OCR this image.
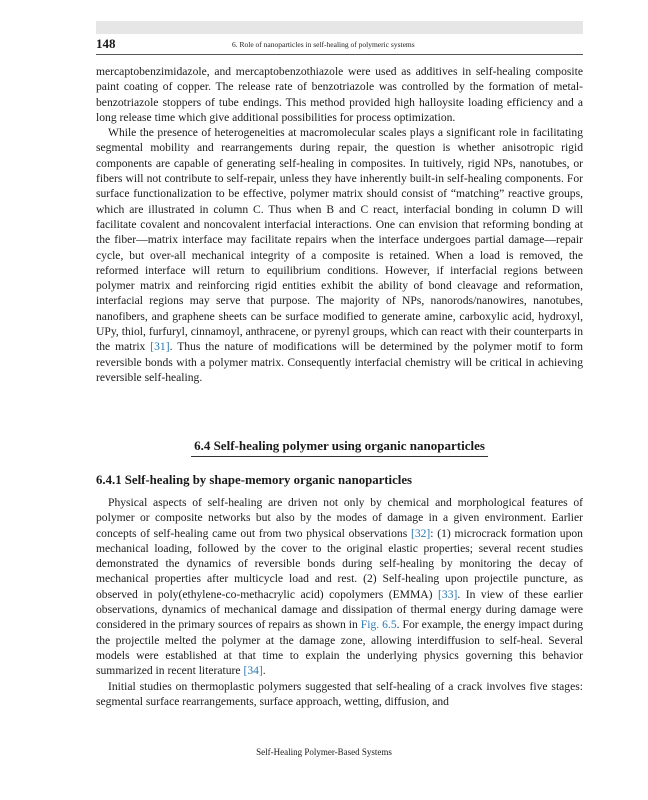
148	6. Role of nanoparticles in self-healing of polymeric systems

mercaptobenzimidazole, and mercaptobenzothiazole were used as additives in self-healing composite paint coating of copper. The release rate of benzotriazole was controlled by the formation of metal-benzotriazole stoppers of tube endings. This method provided high halloysite loading efficiency and a long release time which give additional possibilities for process optimization.

While the presence of heterogeneities at macromolecular scales plays a significant role in facilitating segmental mobility and rearrangements during repair, the question is whether anisotropic rigid components are capable of generating self-healing in composites. In tuitively, rigid NPs, nanotubes, or fibers will not contribute to self-repair, unless they have inherently built-in self-healing components. For surface functionalization to be effective, polymer matrix should consist of “matching” reactive groups, which are illustrated in column C. Thus when B and C react, interfacial bonding in column D will facilitate covalent and noncovalent interfacial interactions. One can envision that reforming bonding at the fiber—matrix interface may facilitate repairs when the interface undergoes partial damage—repair cycle, but over-all mechanical integrity of a composite is retained. When a load is removed, the reformed interface will return to equilibrium conditions. However, if interfacial regions between polymer matrix and reinforcing rigid entities exhibit the ability of bond cleavage and reformation, interfacial regions may serve that purpose. The majority of NPs, nanorods/nanowires, nanotubes, nanofibers, and graphene sheets can be surface modified to generate amine, carboxylic acid, hydroxyl, UPy, thiol, furfuryl, cinnamoyl, anthracene, or pyrenyl groups, which can react with their counterparts in the matrix [31]. Thus the nature of modifications will be determined by the polymer motif to form reversible bonds with a polymer matrix. Consequently interfacial chemistry will be critical in achieving reversible self-healing.

6.4 Self-healing polymer using organic nanoparticles
6.4.1 Self-healing by shape-memory organic nanoparticles

Physical aspects of self-healing are driven not only by chemical and morphological features of polymer or composite networks but also by the modes of damage in a given environment. Earlier concepts of self-healing came out from two physical observations [32]: (1) microcrack formation upon mechanical loading, followed by the cover to the original elastic properties; several recent studies demonstrated the dynamics of reversible bonds during self-healing by monitoring the decay of mechanical properties after multicycle load and rest. (2) Self-healing upon projectile puncture, as observed in poly(ethylene-co-methacrylic acid) copolymers (EMMA) [33]. In view of these earlier observations, dynamics of mechanical damage and dissipation of thermal energy during damage were considered in the primary sources of repairs as shown in Fig. 6.5. For example, the energy impact during the projectile melted the polymer at the damage zone, allowing interdiffusion to self-heal. Several models were established at that time to explain the underlying physics governing this behavior summarized in recent literature [34].

Initial studies on thermoplastic polymers suggested that self-healing of a crack involves five stages: segmental surface rearrangements, surface approach, wetting, diffusion, and

Self-Healing Polymer-Based Systems
